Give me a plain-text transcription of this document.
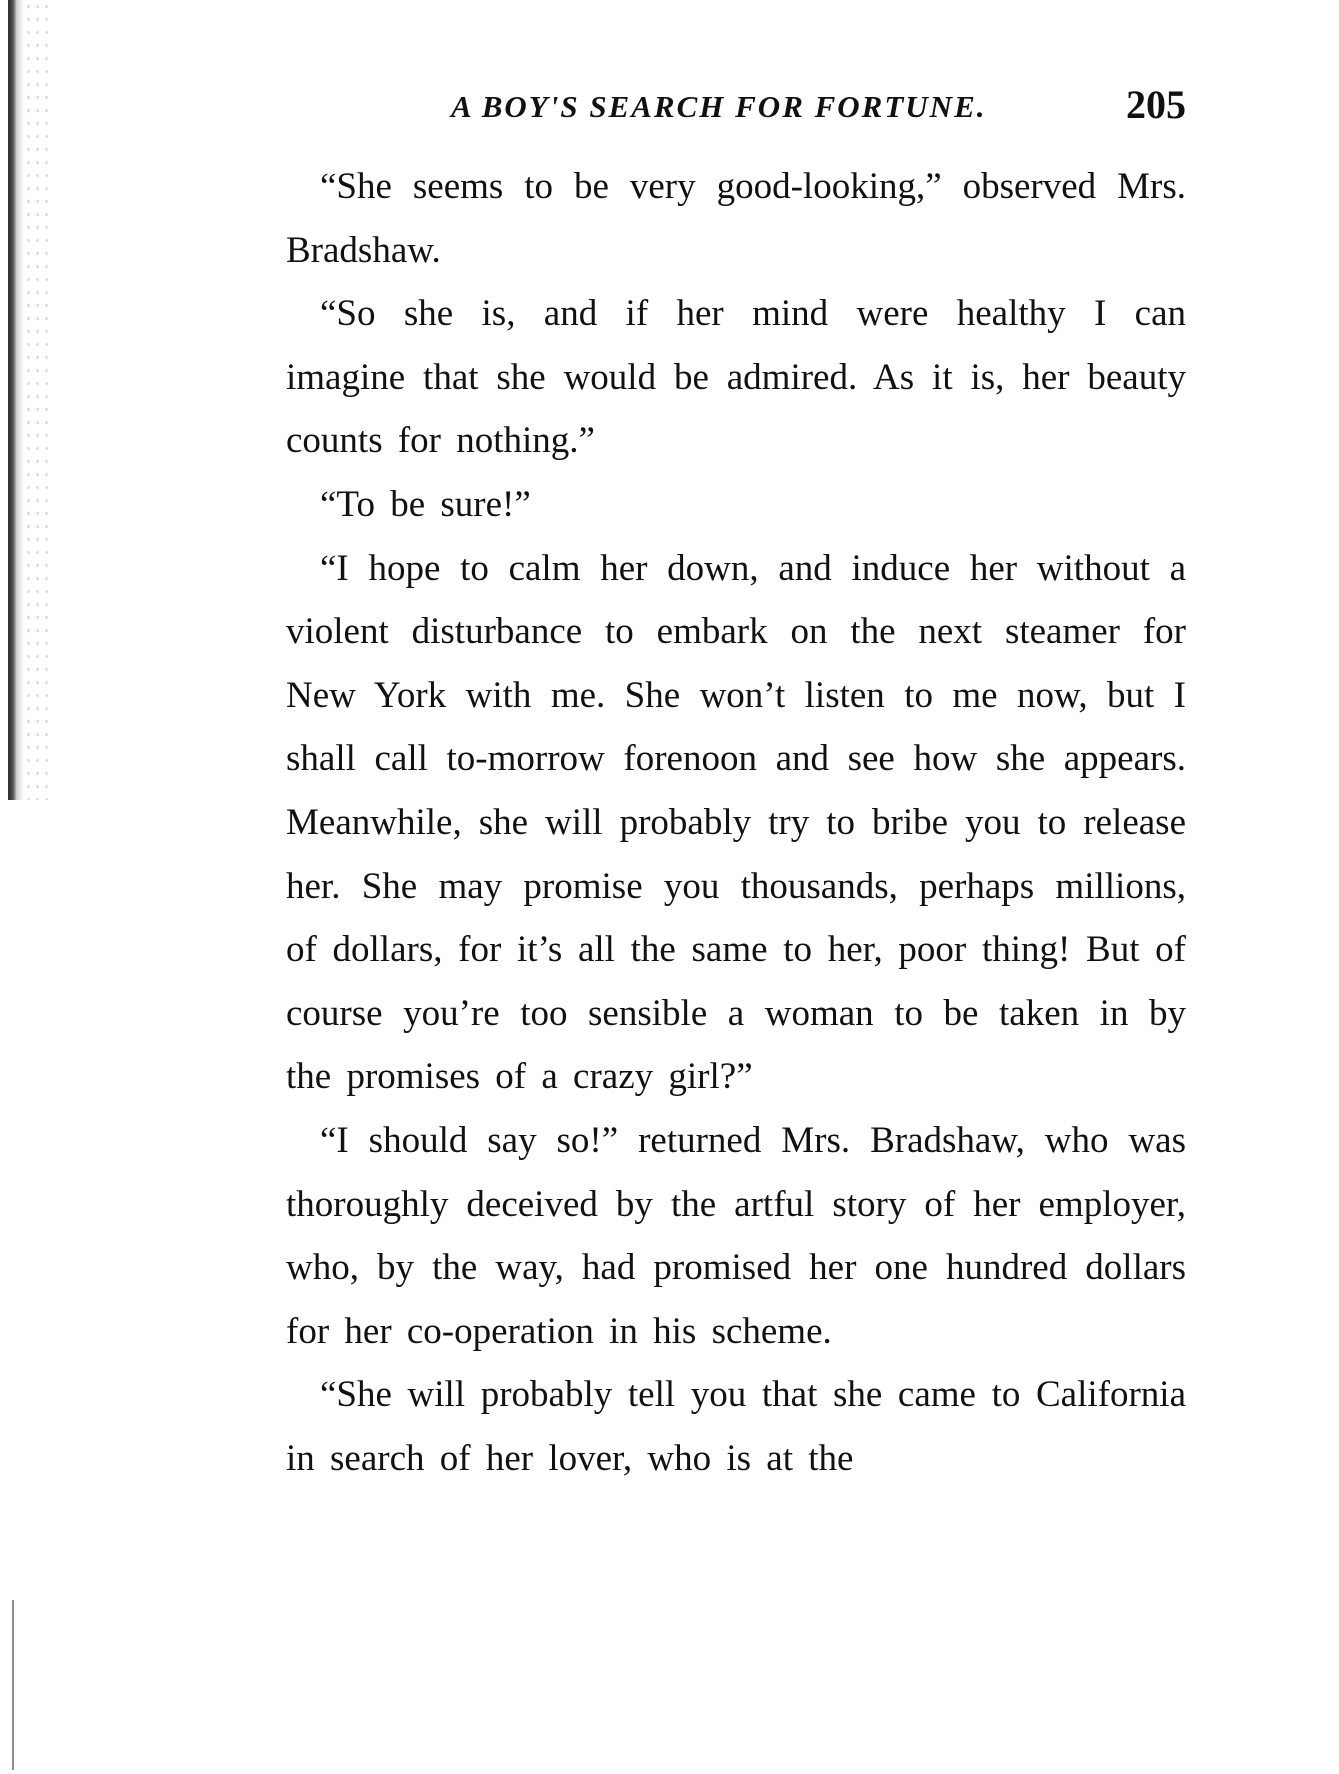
A BOY'S SEARCH FOR FORTUNE.	205

“She seems to be very good-looking,” observed Mrs. Bradshaw.

“So she is, and if her mind were healthy I can imagine that she would be admired. As it is, her beauty counts for nothing.”

“To be sure!”

“I hope to calm her down, and induce her without a violent disturbance to embark on the next steamer for New York with me. She won’t listen to me now, but I shall call to-morrow forenoon and see how she appears. Meanwhile, she will probably try to bribe you to release her. She may promise you thousands, perhaps millions, of dollars, for it’s all the same to her, poor thing! But of course you’re too sensible a woman to be taken in by the promises of a crazy girl?”

“I should say so!” returned Mrs. Bradshaw, who was thoroughly deceived by the artful story of her employer, who, by the way, had promised her one hundred dollars for her co-operation in his scheme.

“She will probably tell you that she came to California in search of her lover, who is at the
